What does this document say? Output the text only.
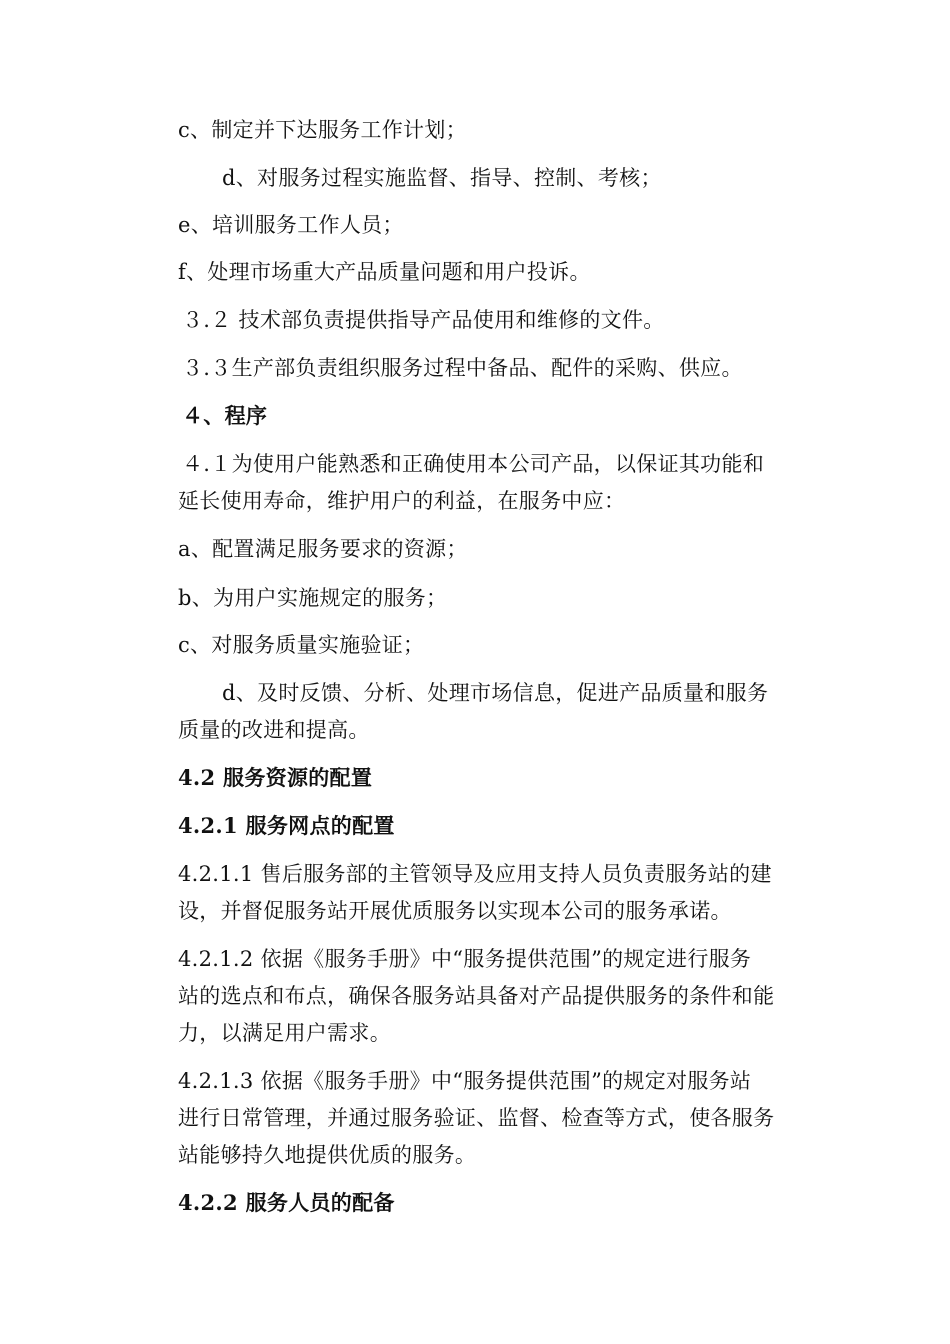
c、制定并下达服务工作计划；
d、对服务过程实施监督、指导、控制、考核；
e、培训服务工作人员；
f、处理市场重大产品质量问题和用户投诉。
３.２ 技术部负责提供指导产品使用和维修的文件。
３.３生产部负责组织服务过程中备品、配件的采购、供应。
４、程序
４.１为使用户能熟悉和正确使用本公司产品，以保证其功能和
延长使用寿命，维护用户的利益，在服务中应：
a、配置满足服务要求的资源；
b、为用户实施规定的服务；
c、对服务质量实施验证；
d、及时反馈、分析、处理市场信息，促进产品质量和服务
质量的改进和提高。
4.2 服务资源的配置
4.2.1 服务网点的配置
4.2.1.1 售后服务部的主管领导及应用支持人员负责服务站的建
设，并督促服务站开展优质服务以实现本公司的服务承诺。
4.2.1.2 依据《服务手册》中“服务提供范围”的规定进行服务
站的选点和布点，确保各服务站具备对产品提供服务的条件和能
力，以满足用户需求。
4.2.1.3 依据《服务手册》中“服务提供范围”的规定对服务站
进行日常管理，并通过服务验证、监督、检查等方式，使各服务
站能够持久地提供优质的服务。
4.2.2 服务人员的配备
